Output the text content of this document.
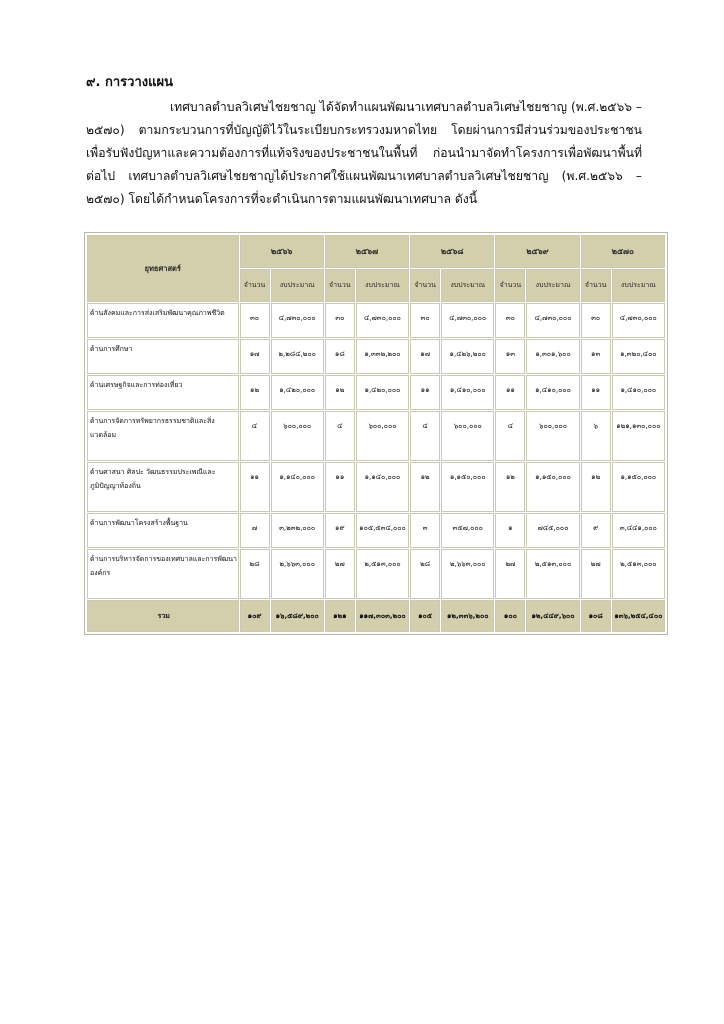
๙. การวางแผน
เทศบาลตำบลวิเศษไชยชาญ ได้จัดทำแผนพัฒนาเทศบาลตำบลวิเศษไชยชาญ (พ.ศ.๒๕๖๖ – ๒๕๗๐) ตามกระบวนการที่บัญญัติไว้ในระเบียบกระทรวงมหาดไทย โดยผ่านการมีส่วนร่วมของประชาชน เพื่อรับฟังปัญหาและความต้องการที่แท้จริงของประชาชนในพื้นที่ ก่อนนำมาจัดทำโครงการเพื่อพัฒนาพื้นที่ต่อไป เทศบาลตำบลวิเศษไชยชาญได้ประกาศใช้แผนพัฒนาเทศบาลตำบลวิเศษไชยชาญ (พ.ศ.๒๕๖๖ – ๒๕๗๐) โดยได้กำหนดโครงการที่จะดำเนินการตามแผนพัฒนาเทศบาล ดังนี้
ยุทธศาสตร์	๒๕๖๖		๒๕๖๗		๒๕๖๘		๒๕๖๙		๒๕๗๐	
	จำนวน	งบประมาณ	จำนวน	งบประมาณ	จำนวน	งบประมาณ	จำนวน	งบประมาณ	จำนวน	งบประมาณ
ด้านสังคมและการส่งเสริมพัฒนาคุณภาพชีวิต	๓๐	๔,๗๓๐,๐๐๐	๓๐	๔,๗๓๐,๐๐๐	๓๐	๔,๗๓๐,๐๐๐	๓๐	๔,๗๓๐,๐๐๐	๓๐	๔,๗๓๐,๐๐๐
ด้านการศึกษา	๑๗	๒,๒๘๔,๒๐๐	๑๘	๑,๓๓๒,๒๐๐	๑๗	๑,๔๒๖,๒๐๐	๑๓	๑,๓๐๑,๖๐๐	๑๓	๑,๓๒๐,๔๐๐
ด้านเศรษฐกิจและการท่องเที่ยว	๑๒	๑,๔๒๐,๐๐๐	๑๒	๑,๔๒๐,๐๐๐	๑๑	๑,๔๑๐,๐๐๐	๑๑	๑,๔๑๐,๐๐๐	๑๑	๑,๔๑๐,๐๐๐
ด้านการจัดการทรัพยากรธรรมชาติและสิ่งแวดล้อม	๔	๖๐๐,๐๐๐	๔	๖๐๐,๐๐๐	๔	๖๐๐,๐๐๐	๔	๖๐๐,๐๐๐	๖	๑๒๑,๑๓๐,๐๐๐
ด้านศาสนา ศิลปะ วัฒนธรรมประเพณีและภูมิปัญญาท้องถิ่น	๑๑	๑,๑๔๐,๐๐๐	๑๑	๑,๑๔๐,๐๐๐	๑๒	๑,๑๕๐,๐๐๐	๑๒	๑,๑๕๐,๐๐๐	๑๒	๑,๑๕๐,๐๐๐
ด้านการพัฒนาโครงสร้างพื้นฐาน	๗	๓,๒๓๒,๐๐๐	๑๙	๑๐๕,๕๓๔,๐๐๐	๓	๓๕๗,๐๐๐	๑	๗๔๕,๐๐๐	๙	๓,๔๔๑,๐๐๐
ด้านการบริหารจัดการของเทศบาลและการพัฒนาองค์กร	๒๘	๒,๖๖๓,๐๐๐	๒๗	๒,๕๑๓,๐๐๐	๒๘	๒,๖๖๓,๐๐๐	๒๗	๒,๕๑๓,๐๐๐	๒๗	๒,๕๑๓,๐๐๐
รวม	๑๐๙	๑๖,๕๘๙,๒๐๐	๑๒๑	๑๑๗,๓๐๓,๒๐๐	๑๐๕	๑๒,๓๓๖,๒๐๐	๑๐๐	๑๒,๔๔๙,๖๐๐	๑๐๘	๑๓๖,๒๕๔,๔๐๐
